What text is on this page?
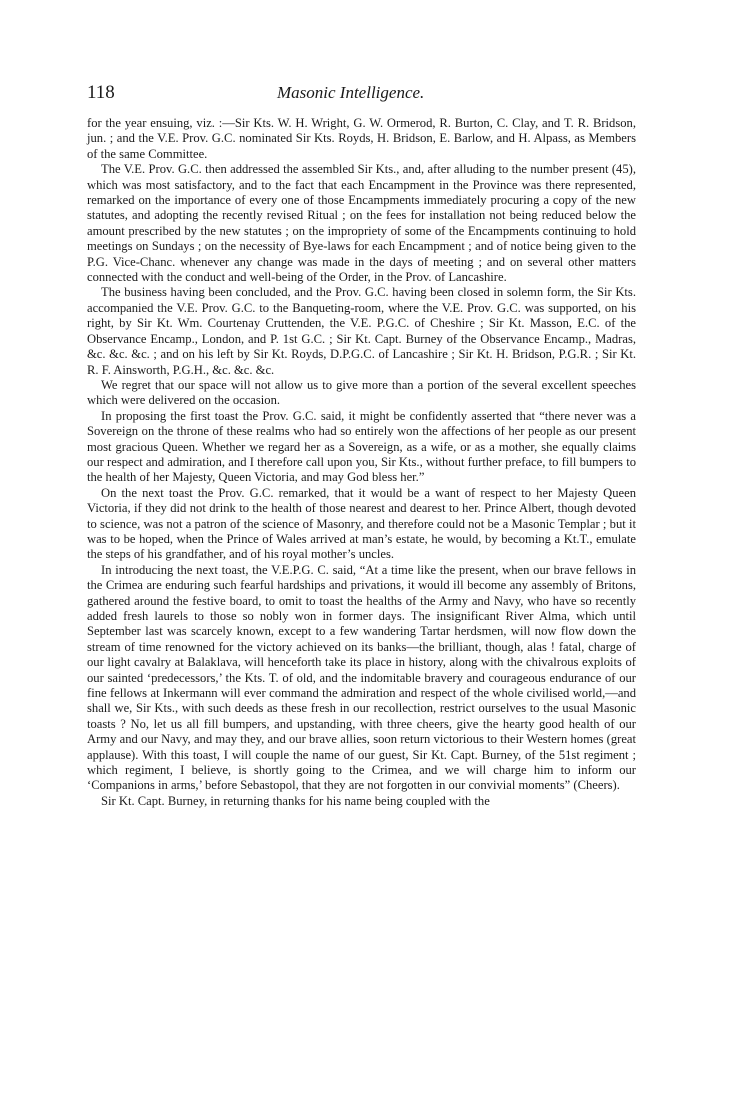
118	Masonic Intelligence.

for the year ensuing, viz. :—Sir Kts. W. H. Wright, G. W. Ormerod, R. Burton, C. Clay, and T. R. Bridson, jun. ; and the V.E. Prov. G.C. nominated Sir Kts. Royds, H. Bridson, E. Barlow, and H. Alpass, as Members of the same Committee.

The V.E. Prov. G.C. then addressed the assembled Sir Kts., and, after alluding to the number present (45), which was most satisfactory, and to the fact that each Encampment in the Province was there represented, remarked on the importance of every one of those Encampments immediately procuring a copy of the new statutes, and adopting the recently revised Ritual ; on the fees for installation not being reduced below the amount prescribed by the new statutes ; on the impropriety of some of the Encampments continuing to hold meetings on Sundays ; on the necessity of Bye-laws for each Encampment ; and of notice being given to the P.G. Vice-Chanc. whenever any change was made in the days of meeting ; and on several other matters connected with the conduct and well-being of the Order, in the Prov. of Lancashire.

The business having been concluded, and the Prov. G.C. having been closed in solemn form, the Sir Kts. accompanied the V.E. Prov. G.C. to the Banqueting-room, where the V.E. Prov. G.C. was supported, on his right, by Sir Kt. Wm. Courtenay Cruttenden, the V.E. P.G.C. of Cheshire ; Sir Kt. Masson, E.C. of the Observance Encamp., London, and P. 1st G.C. ; Sir Kt. Capt. Burney of the Observance Encamp., Madras, &c. &c. &c. ; and on his left by Sir Kt. Royds, D.P.G.C. of Lancashire ; Sir Kt. H. Bridson, P.G.R. ; Sir Kt. R. F. Ainsworth, P.G.H., &c. &c. &c.

We regret that our space will not allow us to give more than a portion of the several excellent speeches which were delivered on the occasion.

In proposing the first toast the Prov. G.C. said, it might be confidently asserted that “there never was a Sovereign on the throne of these realms who had so entirely won the affections of her people as our present most gracious Queen. Whether we regard her as a Sovereign, as a wife, or as a mother, she equally claims our respect and admiration, and I therefore call upon you, Sir Kts., without further preface, to fill bumpers to the health of her Majesty, Queen Victoria, and may God bless her.”

On the next toast the Prov. G.C. remarked, that it would be a want of respect to her Majesty Queen Victoria, if they did not drink to the health of those nearest and dearest to her. Prince Albert, though devoted to science, was not a patron of the science of Masonry, and therefore could not be a Masonic Templar ; but it was to be hoped, when the Prince of Wales arrived at man’s estate, he would, by becoming a Kt.T., emulate the steps of his grandfather, and of his royal mother’s uncles.

In introducing the next toast, the V.E.P.G. C. said, “At a time like the present, when our brave fellows in the Crimea are enduring such fearful hardships and privations, it would ill become any assembly of Britons, gathered around the festive board, to omit to toast the healths of the Army and Navy, who have so recently added fresh laurels to those so nobly won in former days. The insignificant River Alma, which until September last was scarcely known, except to a few wandering Tartar herdsmen, will now flow down the stream of time renowned for the victory achieved on its banks—the brilliant, though, alas ! fatal, charge of our light cavalry at Balaklava, will henceforth take its place in history, along with the chivalrous exploits of our sainted ‘predecessors,’ the Kts. T. of old, and the indomitable bravery and courageous endurance of our fine fellows at Inkermann will ever command the admiration and respect of the whole civilised world,—and shall we, Sir Kts., with such deeds as these fresh in our recollection, restrict ourselves to the usual Masonic toasts ? No, let us all fill bumpers, and upstanding, with three cheers, give the hearty good health of our Army and our Navy, and may they, and our brave allies, soon return victorious to their Western homes (great applause). With this toast, I will couple the name of our guest, Sir Kt. Capt. Burney, of the 51st regiment ; which regiment, I believe, is shortly going to the Crimea, and we will charge him to inform our ‘Companions in arms,’ before Sebastopol, that they are not forgotten in our convivial moments” (Cheers).

Sir Kt. Capt. Burney, in returning thanks for his name being coupled with the
